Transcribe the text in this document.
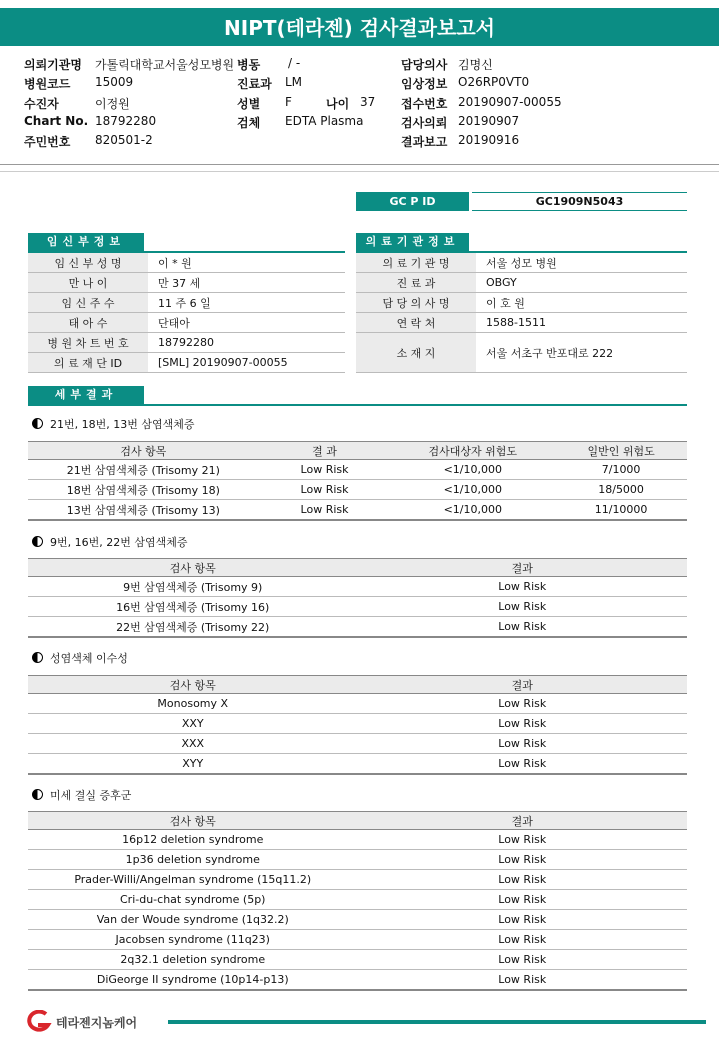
NIPT(테라젠) 검사결과보고서
의뢰기관명 가톨릭대학교서울성모병원
병원코드 15009
수진자	이정원
Chart No. 18792280
주민번호 820501-2
병동 / -
진료과 LM
성별 F
검체 EDTA Plasma
나이 37
담당의사 김명신
임상정보 O26RP0VT0
접수번호 20190907-00055
검사의뢰 20190907
결과보고 20190916
GC P ID	GC1909N5043
임신부정보
임 신 부 성 명	이 * 원
만 나 이	만 37 세
임 신 주 수	11 주 6 일
태 아 수	단태아
병 원 차 트 번 호	18792280
의 료 재 단 ID	[SML] 20190907-00055
의료기관정보
의 료 기 관 명	서울 성모 병원
진 료 과	OBGY
담 당 의 사 명	이 호 원
연 락 처	1588-1511
소 재 지	서울 서초구 반포대로 222
세부결과
21번, 18번, 13번 삼염색체증
검사 항목	결 과	검사대상자 위험도	일반인 위험도
21번 삼염색체증 (Trisomy 21)	Low Risk	<1/10,000	7/1000
18번 삼염색체증 (Trisomy 18)	Low Risk	<1/10,000	18/5000
13번 삼염색체증 (Trisomy 13)	Low Risk	<1/10,000	11/10000
9번, 16번, 22번 삼염색체증
검사 항목	결과
9번 삼염색체증 (Trisomy 9)	Low Risk
16번 삼염색체증 (Trisomy 16)	Low Risk
22번 삼염색체증 (Trisomy 22)	Low Risk
성염색체 이수성
검사 항목	결과
Monosomy X	Low Risk
XXY	Low Risk
XXX	Low Risk
XYY	Low Risk
미세 결실 증후군
검사 항목	결과
16p12 deletion syndrome	Low Risk
1p36 deletion syndrome	Low Risk
Prader-Willi/Angelman syndrome (15q11.2)	Low Risk
Cri-du-chat syndrome (5p)	Low Risk
Van der Woude syndrome (1q32.2)	Low Risk
Jacobsen syndrome (11q23)	Low Risk
2q32.1 deletion syndrome	Low Risk
DiGeorge II syndrome (10p14-p13)	Low Risk
테라젠지놈케어
